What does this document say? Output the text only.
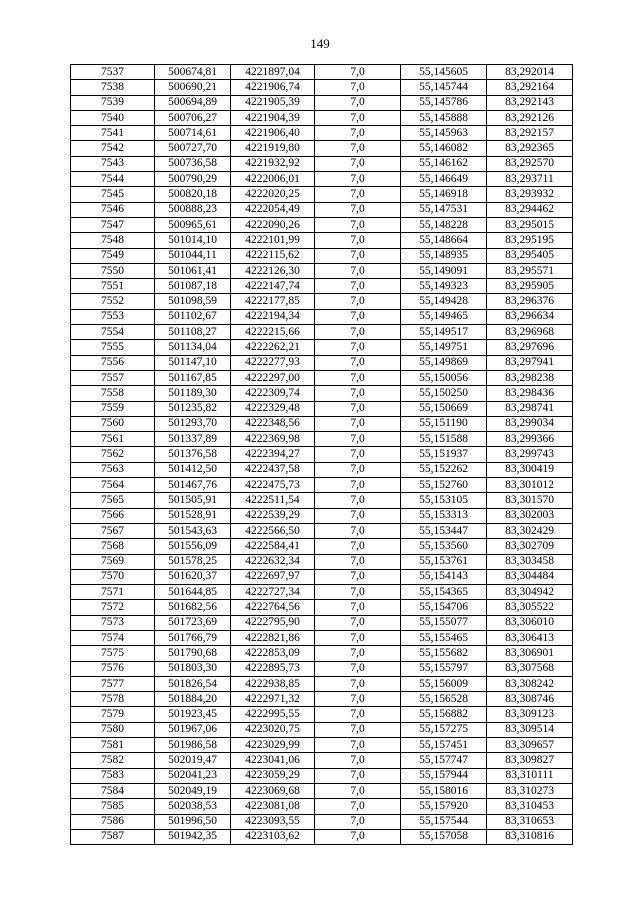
149
7537	500674,81	4221897,04	7,0	55,145605	83,292014
7538	500690,21	4221906,74	7,0	55,145744	83,292164
7539	500694,89	4221905,39	7,0	55,145786	83,292143
7540	500706,27	4221904,39	7,0	55,145888	83,292126
7541	500714,61	4221906,40	7,0	55,145963	83,292157
7542	500727,70	4221919,80	7,0	55,146082	83,292365
7543	500736,58	4221932,92	7,0	55,146162	83,292570
7544	500790,29	4222006,01	7,0	55,146649	83,293711
7545	500820,18	4222020,25	7,0	55,146918	83,293932
7546	500888,23	4222054,49	7,0	55,147531	83,294462
7547	500965,61	4222090,26	7,0	55,148228	83,295015
7548	501014,10	4222101,99	7,0	55,148664	83,295195
7549	501044,11	4222115,62	7,0	55,148935	83,295405
7550	501061,41	4222126,30	7,0	55,149091	83,295571
7551	501087,18	4222147,74	7,0	55,149323	83,295905
7552	501098,59	4222177,85	7,0	55,149428	83,296376
7553	501102,67	4222194,34	7,0	55,149465	83,296634
7554	501108,27	4222215,66	7,0	55,149517	83,296968
7555	501134,04	4222262,21	7,0	55,149751	83,297696
7556	501147,10	4222277,93	7,0	55,149869	83,297941
7557	501167,85	4222297,00	7,0	55,150056	83,298238
7558	501189,30	4222309,74	7,0	55,150250	83,298436
7559	501235,82	4222329,48	7,0	55,150669	83,298741
7560	501293,70	4222348,56	7,0	55,151190	83,299034
7561	501337,89	4222369,98	7,0	55,151588	83,299366
7562	501376,58	4222394,27	7,0	55,151937	83,299743
7563	501412,50	4222437,58	7,0	55,152262	83,300419
7564	501467,76	4222475,73	7,0	55,152760	83,301012
7565	501505,91	4222511,54	7,0	55,153105	83,301570
7566	501528,91	4222539,29	7,0	55,153313	83,302003
7567	501543,63	4222566,50	7,0	55,153447	83,302429
7568	501556,09	4222584,41	7,0	55,153560	83,302709
7569	501578,25	4222632,34	7,0	55,153761	83,303458
7570	501620,37	4222697,97	7,0	55,154143	83,304484
7571	501644,85	4222727,34	7,0	55,154365	83,304942
7572	501682,56	4222764,56	7,0	55,154706	83,305522
7573	501723,69	4222795,90	7,0	55,155077	83,306010
7574	501766,79	4222821,86	7,0	55,155465	83,306413
7575	501790,68	4222853,09	7,0	55,155682	83,306901
7576	501803,30	4222895,73	7,0	55,155797	83,307568
7577	501826,54	4222938,85	7,0	55,156009	83,308242
7578	501884,20	4222971,32	7,0	55,156528	83,308746
7579	501923,45	4222995,55	7,0	55,156882	83,309123
7580	501967,06	4223020,75	7,0	55,157275	83,309514
7581	501986,58	4223029,99	7,0	55,157451	83,309657
7582	502019,47	4223041,06	7,0	55,157747	83,309827
7583	502041,23	4223059,29	7,0	55,157944	83,310111
7584	502049,19	4223069,68	7,0	55,158016	83,310273
7585	502038,53	4223081,08	7,0	55,157920	83,310453
7586	501996,50	4223093,55	7,0	55,157544	83,310653
7587	501942,35	4223103,62	7,0	55,157058	83,310816
